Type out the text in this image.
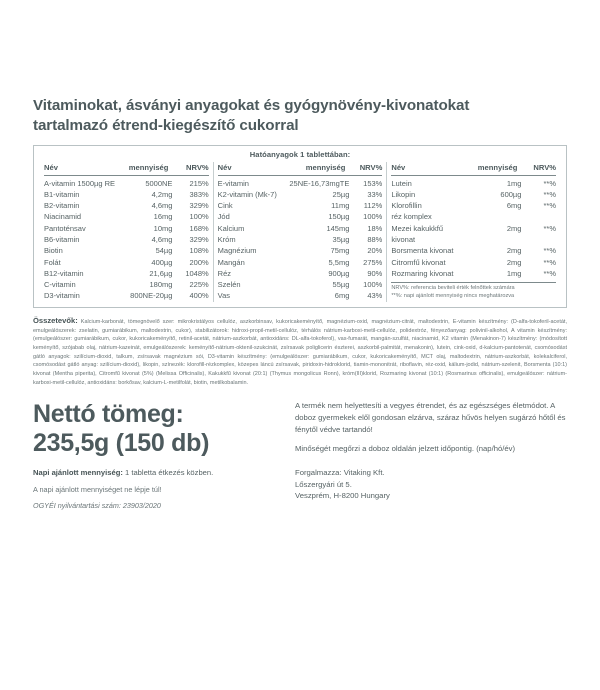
Vitaminokat, ásványi anyagokat és gyógynövény-kivonatokat
tartalmazó étrend-kiegészítő cukorral
Hatóanyagok 1 tablettában:
Név	mennyiség	NRV%
A-vitamin 1500µg RE	5000NE	215%
B1-vitamin	4,2mg	383%
B2-vitamin	4,6mg	329%
Niacinamid	16mg	100%
Pantoténsav	10mg	168%
B6-vitamin	4,6mg	329%
Biotin	54µg	108%
Folát	400µg	200%
B12-vitamin	21,6µg	1048%
C-vitamin	180mg	225%
D3-vitamin	800NE-20µg	400%
Név	mennyiség	NRV%
E-vitamin	25NE-16,73mgTE	153%
K2-vitamin (Mk-7)	25µg	33%
Cink	11mg	112%
Jód	150µg	100%
Kalcium	145mg	18%
Króm	35µg	88%
Magnézium	75mg	20%
Mangán	5,5mg	275%
Réz	900µg	90%
Szelén	55µg	100%
Vas	6mg	43%
Név	mennyiség	NRV%
Lutein	1mg	**%
Likopin	600µg	**%
Klorofillin	6mg	**%
réz komplex		
Mezei kakukkfű	2mg	**%
kivonat		
Borsmenta kivonat	2mg	**%
Citromfű kivonat	2mg	**%
Rozmaring kivonat	1mg	**%
NRV%: referencia beviteli érték felnőttek számára
**%: napi ajánlott mennyiség nincs meghatározva
Összetevők: Kalcium-karbonát, tömegnövelő szer: mikrokristályos cellulóz, aszkorbinsav, kukoricakeményítő, magnézium-oxid, magnézium-citrát, maltodextrin, E-vitamin készítmény: (D-alfa-tokoferil-acetát, emulgeálószerek: zselatin, gumiarábikum, maltodextrin, cukor), stabilizátorok: hidroxi-propil-metil-cellulóz, térhálós nátrium-karboxi-metil-cellulóz, polidextróz, fényezőanyag: polivinil-alkohol, A vitamin készítmény: (emulgeálószer: gumiarábikum, cukor, kukoricakeményítő, retinil-acetát, nátrium-aszkorbát, antioxidáns: DL-alfa-tokoferol), vas-fumarát, mangán-szulfát, niacinamid, K2 vitamin (Menakinon-7) készítmény: (módosított keményítő, szójabab olaj, nátrium-kazeinát, emulgeálószerek: keményítő-nátrium-oktenil-szukcinát, zsírsavak poliglicerin észterei, aszkorbil-palmitát, menakonin), lutein, cink-oxid, d-kalcium-pantotenát, csomósodást gátló anyagok: szilícium-dioxid, talkum, zsírsavak magnézium sói, D3-vitamin készítmény: (emulgeálószer: gumiarábikum, cukor, kukoricakeményítő, MCT olaj, maltodextrin, nátrium-aszkorbát, kolekalciferol, csomósodást gátló anyag: szilícium-dioxid), likopin, színezék: klorofill-rézkomplex, közepes láncú zsírsavak, piridoxin-hidroklorid, tiamin-mononitrát, riboflavin, réz-oxid, kálium-jodid, nátrium-szelenit, Borsmenta (10:1) kivonat (Mentha piperita), Citromfű kivonat (5%) (Melissa Officinalis), Kakukkfű kivonat (20:1) (Thymus mongolicus Ronn), króm(III)klorid, Rozmaring kivonat (10:1) (Rosmarinus officinalis), emulgeálószer: nátrium-karboxi-metil-cellulóz, antioxidáns: borkősav, kalcium-L-metilfolát, biotin, metilkobalamin.
Nettó tömeg:
235,5g (150 db)
Napi ajánlott mennyiség: 1 tabletta étkezés közben.
A napi ajánlott mennyiséget ne lépje túl!
OGYÉI nyilvántartási szám: 23903/2020

A termék nem helyettesíti a vegyes étrendet, és az egészséges életmódot. A doboz gyermekek elől gondosan elzárva, száraz hűvös helyen sugárzó hőtől és fénytől védve tartandó!

Minőségét megőrzi a doboz oldalán jelzett időpontig. (nap/hó/év)

Forgalmazza: Vitaking Kft.
Lőszergyári út 5.
Veszprém, H-8200 Hungary
